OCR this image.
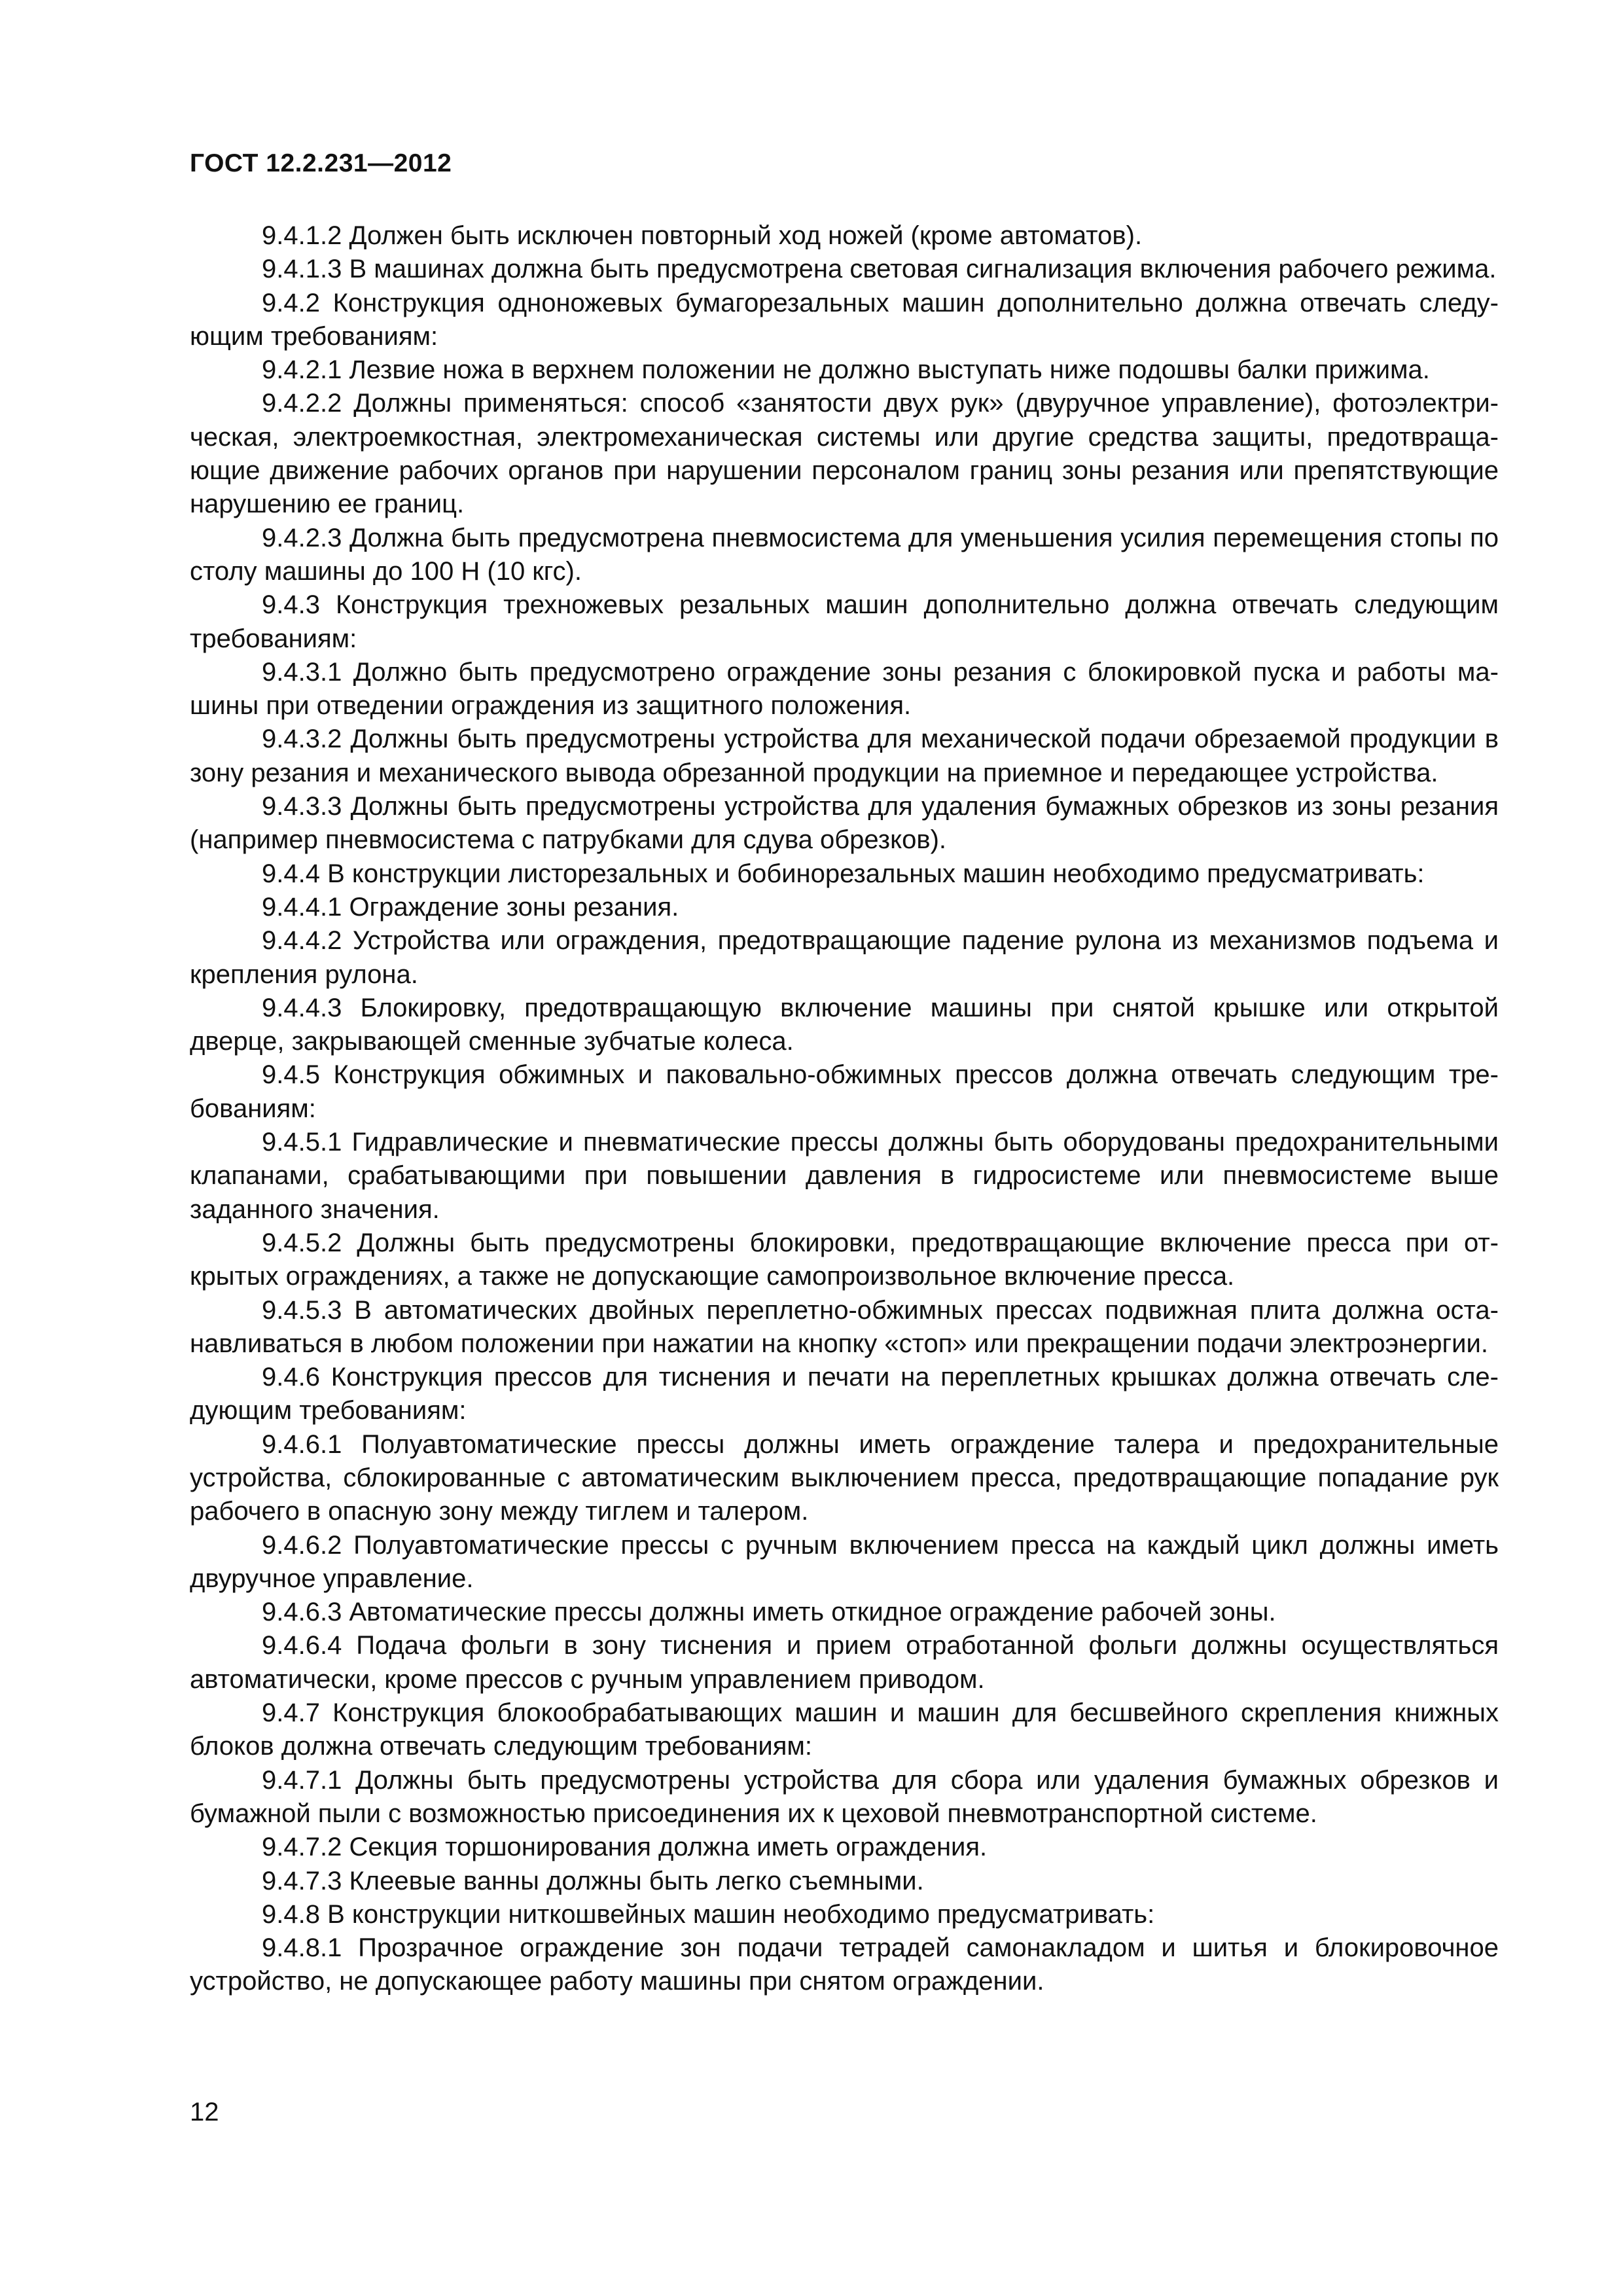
ГОСТ 12.2.231—2012

9.4.1.2 Должен быть исключен повторный ход ножей (кроме автоматов).

9.4.1.3 В машинах должна быть предусмотрена световая сигнализация включения рабочего режима.

9.4.2 Конструкция одноножевых бумагорезальных машин дополнительно должна отвечать следующим требованиям:

9.4.2.1 Лезвие ножа в верхнем положении не должно выступать ниже подошвы балки прижима.

9.4.2.2 Должны применяться: способ «занятости двух рук» (двуручное управление), фотоэлектрическая, электроемкостная, электромеханическая системы или другие средства защиты, предотвращающие движение рабочих органов при нарушении персоналом границ зоны резания или препятствующие нарушению ее границ.

9.4.2.3 Должна быть предусмотрена пневмосистема для уменьшения усилия перемещения стопы по столу машины до 100 Н (10 кгс).

9.4.3 Конструкция трехножевых резальных машин дополнительно должна отвечать следующим требованиям:

9.4.3.1 Должно быть предусмотрено ограждение зоны резания с блокировкой пуска и работы машины при отведении ограждения из защитного положения.

9.4.3.2 Должны быть предусмотрены устройства для механической подачи обрезаемой продукции в зону резания и механического вывода обрезанной продукции на приемное и передающее устройства.

9.4.3.3 Должны быть предусмотрены устройства для удаления бумажных обрезков из зоны резания (например пневмосистема с патрубками для сдува обрезков).

9.4.4 В конструкции листорезальных и бобинорезальных машин необходимо предусматривать:

9.4.4.1 Ограждение зоны резания.

9.4.4.2 Устройства или ограждения, предотвращающие падение рулона из механизмов подъема и крепления рулона.

9.4.4.3 Блокировку, предотвращающую включение машины при снятой крышке или открытой дверце, закрывающей сменные зубчатые колеса.

9.4.5 Конструкция обжимных и паковально-обжимных прессов должна отвечать следующим требованиям:

9.4.5.1 Гидравлические и пневматические прессы должны быть оборудованы предохранительными клапанами, срабатывающими при повышении давления в гидросистеме или пневмосистеме выше заданного значения.

9.4.5.2 Должны быть предусмотрены блокировки, предотвращающие включение пресса при открытых ограждениях, а также не допускающие самопроизвольное включение пресса.

9.4.5.3 В автоматических двойных переплетно-обжимных прессах подвижная плита должна останавливаться в любом положении при нажатии на кнопку «стоп» или прекращении подачи электроэнергии.

9.4.6 Конструкция прессов для тиснения и печати на переплетных крышках должна отвечать следующим требованиям:

9.4.6.1 Полуавтоматические прессы должны иметь ограждение талера и предохранительные устройства, сблокированные с автоматическим выключением пресса, предотвращающие попадание рук рабочего в опасную зону между тиглем и талером.

9.4.6.2 Полуавтоматические прессы с ручным включением пресса на каждый цикл должны иметь двуручное управление.

9.4.6.3 Автоматические прессы должны иметь откидное ограждение рабочей зоны.

9.4.6.4 Подача фольги в зону тиснения и прием отработанной фольги должны осуществляться автоматически, кроме прессов с ручным управлением приводом.

9.4.7 Конструкция блокообрабатывающих машин и машин для бесшвейного скрепления книжных блоков должна отвечать следующим требованиям:

9.4.7.1 Должны быть предусмотрены устройства для сбора или удаления бумажных обрезков и бумажной пыли с возможностью присоединения их к цеховой пневмотранспортной системе.

9.4.7.2 Секция торшонирования должна иметь ограждения.

9.4.7.3 Клеевые ванны должны быть легко съемными.

9.4.8 В конструкции ниткошвейных машин необходимо предусматривать:

9.4.8.1 Прозрачное ограждение зон подачи тетрадей самонакладом и шитья и блокировочное устройство, не допускающее работу машины при снятом ограждении.

12
